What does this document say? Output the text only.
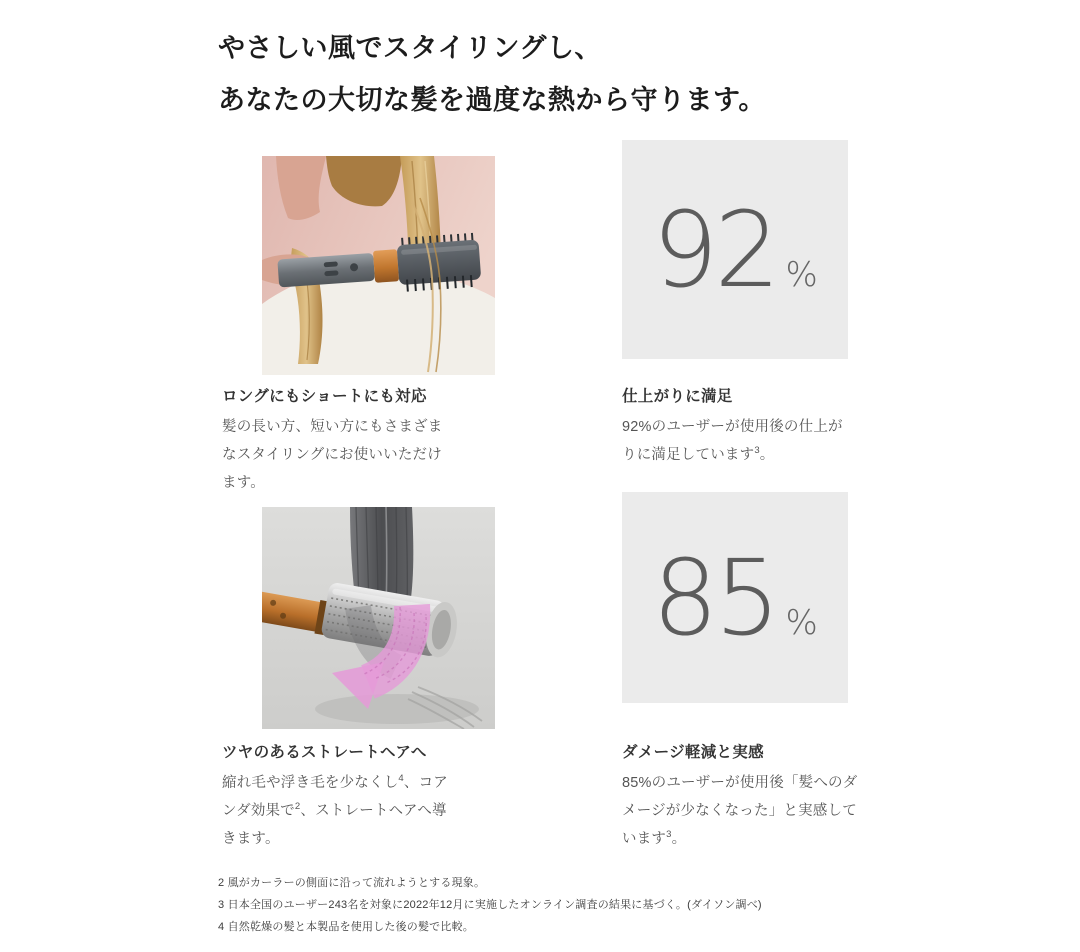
やさしい風でスタイリングし、
あなたの大切な髪を過度な熱から守ります。
92 %
ロングにもショートにも対応	仕上がりに満足

髪の長い方、短い方にもさまざまなスタイリングにお使いいただけます。

92%のユーザーが使用後の仕上がりに満足しています$^3$。

85 %
ツヤのあるストレートヘアへ	ダメージ軽減と実感

縮れ毛や浮き毛を少なくし$^4$、コアンダ効果で$^2$、ストレートヘアへ導きます。

85%のユーザーが使用後「髪へのダメージが少なくなった」と実感しています$^3$。

2 風がカーラーの側面に沿って流れようとする現象。

3 日本全国のユーザー243名を対象に2022年12月に実施したオンライン調査の結果に基づく。(ダイソン調べ)

4 自然乾燥の髪と本製品を使用した後の髪で比較。
